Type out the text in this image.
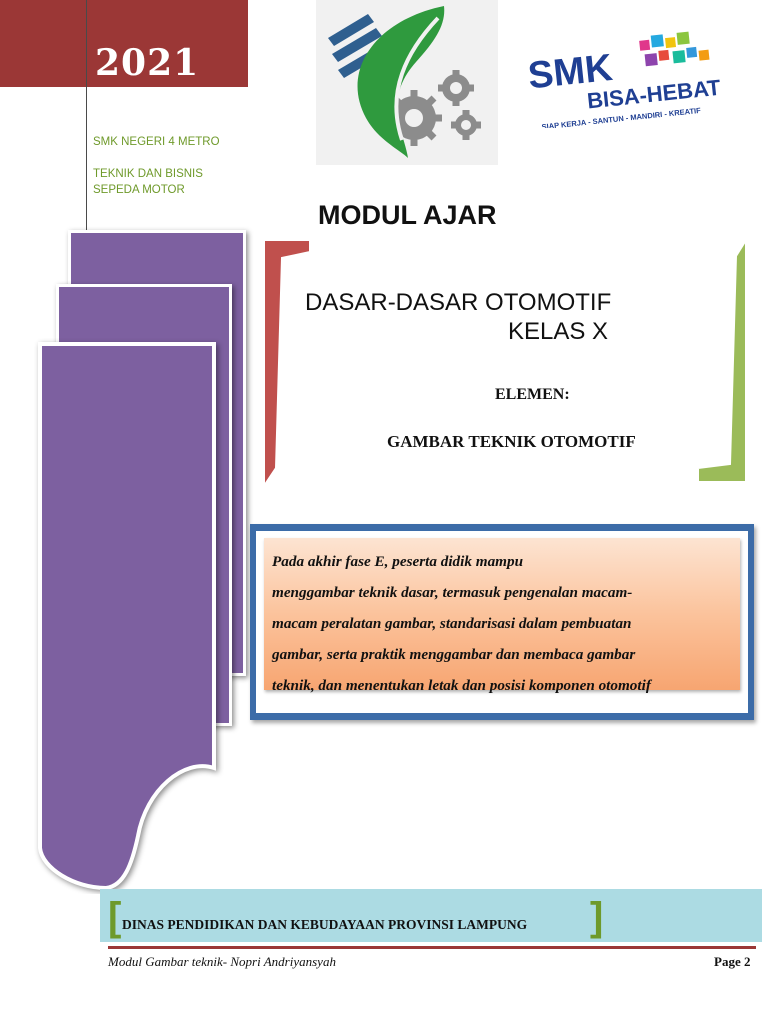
2021
SMK NEGERI 4 METRO
TEKNIK DAN BISNIS
SEPEDA MOTOR
SMK
BISA-HEBAT
SIAP KERJA - SANTUN - MANDIRI - KREATIF
MODUL AJAR
DASAR-DASAR OTOMOTIF
KELAS X
ELEMEN:
GAMBAR TEKNIK OTOMOTIF
Pada akhir fase E, peserta didik mampu
menggambar teknik dasar, termasuk pengenalan macam-
macam peralatan gambar, standarisasi dalam pembuatan
gambar, serta praktik menggambar dan membaca gambar
teknik, dan menentukan letak dan posisi komponen otomotif
[	]
DINAS PENDIDIKAN DAN KEBUDAYAAN PROVINSI LAMPUNG
Modul Gambar teknik- Nopri Andriyansyah	Page 2
